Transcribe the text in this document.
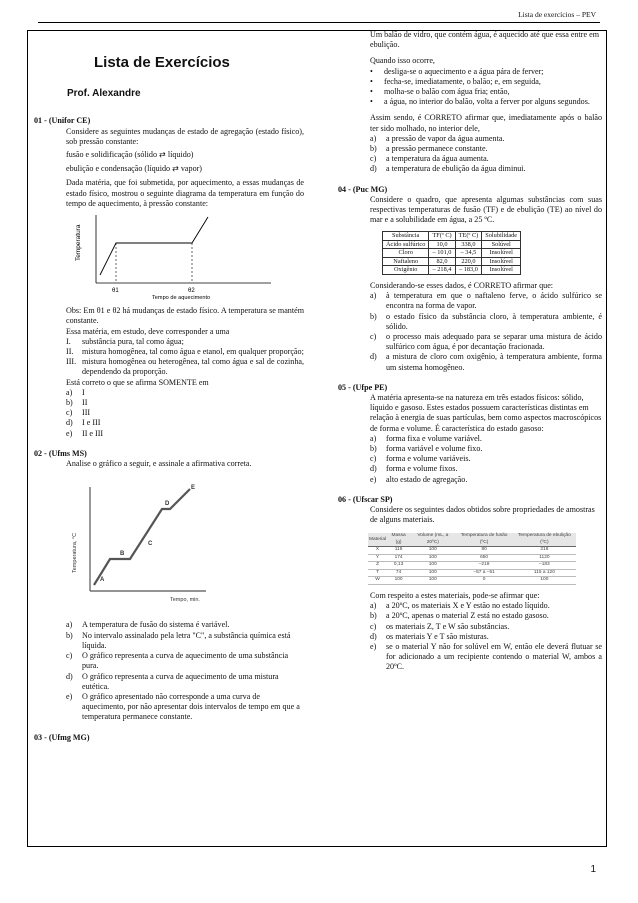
Lista de exercícios – PEV
Lista de Exercícios
Prof. Alexandre
01 - (Unifor CE)
Considere as seguintes mudanças de estado de agregação (estado físico), sob pressão constante:
fusão e solidificação (sólido ⇄ líquido)
ebulição e condensação (líquido ⇄ vapor)
Dada matéria, que foi submetida, por aquecimento, a essas mudanças de estado físico, mostrou o seguinte diagrama da temperatura em função do tempo de aquecimento, à pressão constante:
Temperatura
θ1	θ2
Tempo de aquecimento
Obs: Em θ1 e θ2 há mudanças de estado físico. A temperatura se mantém constante.
Essa matéria, em estudo, deve corresponder a uma
I.	substância pura, tal como água;
II.	mistura homogênea, tal como água e etanol, em qualquer proporção;
III. mistura homogênea ou heterogênea, tal como água e sal de cozinha, dependendo da proporção.
Está correto o que se afirma SOMENTE em
a)	I
b)	II
c)	III
d)	I e III
e)	II e III
02 - (Ufms MS)
Analise o gráfico a seguir, e assinale a afirmativa correta.
Temperatura, °C
Tempo, min.
A
B
C
D
E
a)	A temperatura de fusão do sistema é variável.
b)	No intervalo assinalado pela letra "C", a substância química está líquida.
c)	O gráfico representa a curva de aquecimento de uma substância pura.
d)	O gráfico representa a curva de aquecimento de uma mistura eutética.
e)	O gráfico apresentado não corresponde a uma curva de aquecimento, por não apresentar dois intervalos de tempo em que a temperatura permanece constante.
03 - (Ufmg MG)
Um balão de vidro, que contém água, é aquecido até que essa entre em ebulição.
Quando isso ocorre,
•	desliga-se o aquecimento e a água pára de ferver;
•	fecha-se, imediatamente, o balão; e, em seguida,
•	molha-se o balão com água fria; então,
•	a água, no interior do balão, volta a ferver por alguns segundos.
Assim sendo, é CORRETO afirmar que, imediatamente após o balão ter sido molhado, no interior dele,
a)	a pressão de vapor da água aumenta.
b)	a pressão permanece constante.
c)	a temperatura da água aumenta.
d)	a temperatura de ebulição da água diminui.
04 - (Puc MG)
Considere o quadro, que apresenta algumas substâncias com suas respectivas temperaturas de fusão (TF) e de ebulição (TE) ao nível do mar e a solubilidade em água, a 25 ºC.
Substância	TF(º C)	TE(º C)	Solubilidade
Ácido sulfúrico	10,0	338,0	Solúvel
Cloro	– 101,0	– 34,5	Insolúvel
Naftaleno	82,0	220,0	Insolúvel
Oxigênio	– 218,4	– 183,0	Insolúvel
Considerando-se esses dados, é CORRETO afirmar que:
a)	à temperatura em que o naftaleno ferve, o ácido sulfúrico se encontra na forma de vapor.
b)	o estado físico da substância cloro, à temperatura ambiente, é sólido.
c)	o processo mais adequado para se separar uma mistura de ácido sulfúrico com água, é por decantação fracionada.
d)	a mistura de cloro com oxigênio, à temperatura ambiente, forma um sistema homogêneo.
05 - (Ufpe PE)
A matéria apresenta-se na natureza em três estados físicos: sólido, líquido e gasoso. Estes estados possuem características distintas em relação à energia de suas partículas, bem como aspectos macroscópicos de forma e volume. É característica do estado gasoso:
a)	forma fixa e volume variável.
b)	forma variável e volume fixo.
c)	forma e volume variáveis.
d)	forma e volume fixos.
e)	alto estado de agregação.
06 - (Ufscar SP)
Considere os seguintes dados obtidos sobre propriedades de amostras de alguns materiais.
Material	Massa (g)	Volume (mL, a 20ºC)	Temperatura de fusão (ºC)	Temperatura de ebulição (ºC)
X	115	100	80	218
Y	174	100	650	1120
Z	0,13	100	–219	–183
T	74	100	–57 a –51	115 a 120
W	100	100	0	100
Com respeito a estes materiais, pode-se afirmar que:
a)	a 20ºC, os materiais X e Y estão no estado líquido.
b)	a 20ºC, apenas o material Z está no estado gasoso.
c)	os materiais Z, T e W são substâncias.
d)	os materiais Y e T são misturas.
e)	se o material Y não for solúvel em W, então ele deverá flutuar se for adicionado a um recipiente contendo o material W, ambos a 20ºC.
1
